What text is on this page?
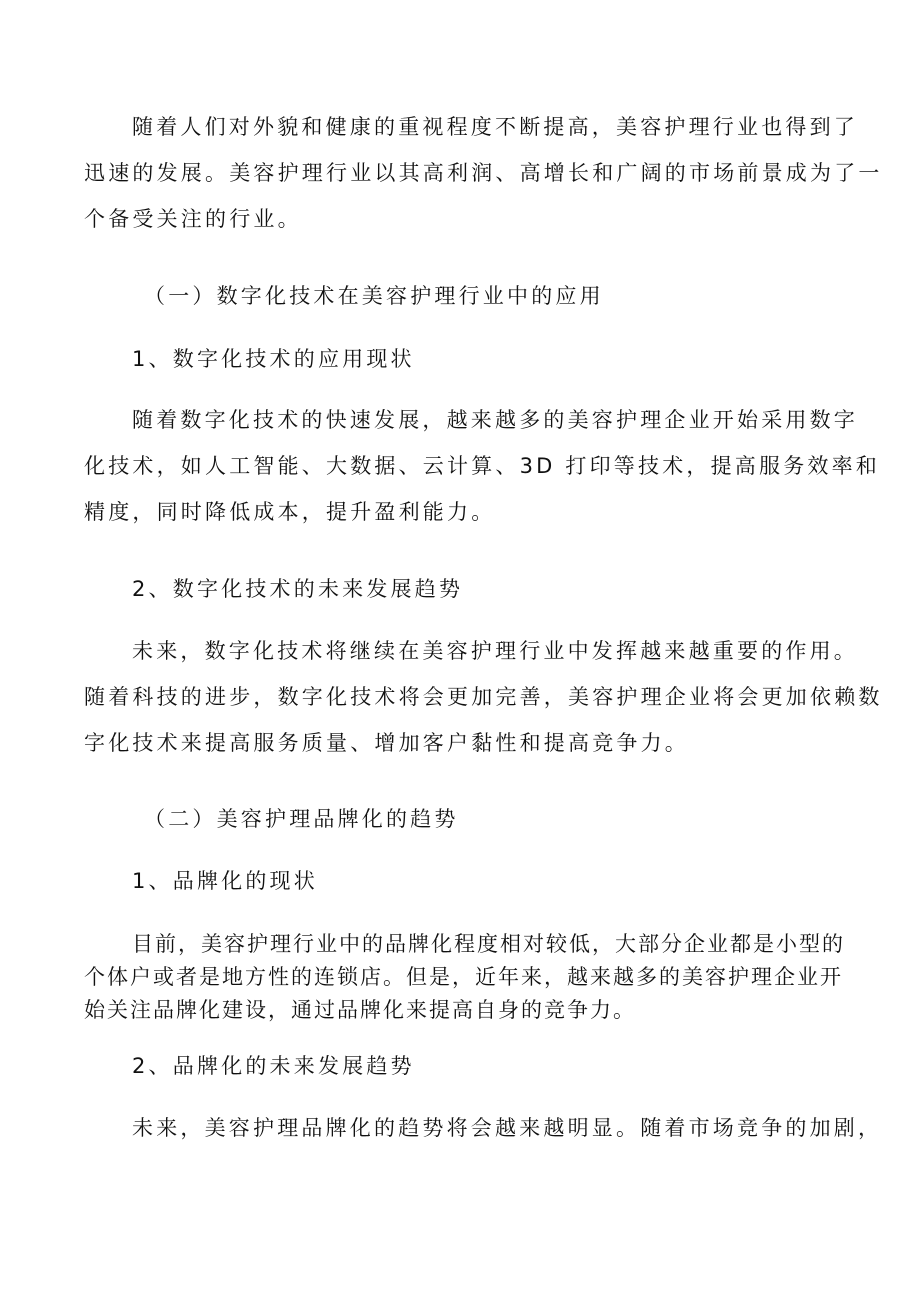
随着人们对外貌和健康的重视程度不断提高，美容护理行业也得到了
迅速的发展。美容护理行业以其高利润、高增长和广阔的市场前景成为了一
个备受关注的行业。
（一）数字化技术在美容护理行业中的应用
1、数字化技术的应用现状
随着数字化技术的快速发展，越来越多的美容护理企业开始采用数字
化技术，如人工智能、大数据、云计算、3D 打印等技术，提高服务效率和
精度，同时降低成本，提升盈利能力。
2、数字化技术的未来发展趋势
未来，数字化技术将继续在美容护理行业中发挥越来越重要的作用。
随着科技的进步，数字化技术将会更加完善，美容护理企业将会更加依赖数
字化技术来提高服务质量、增加客户黏性和提高竞争力。
（二）美容护理品牌化的趋势
1、品牌化的现状
目前，美容护理行业中的品牌化程度相对较低，大部分企业都是小型的
个体户或者是地方性的连锁店。但是，近年来，越来越多的美容护理企业开
始关注品牌化建设，通过品牌化来提高自身的竞争力。
2、品牌化的未来发展趋势
未来，美容护理品牌化的趋势将会越来越明显。随着市场竞争的加剧，
